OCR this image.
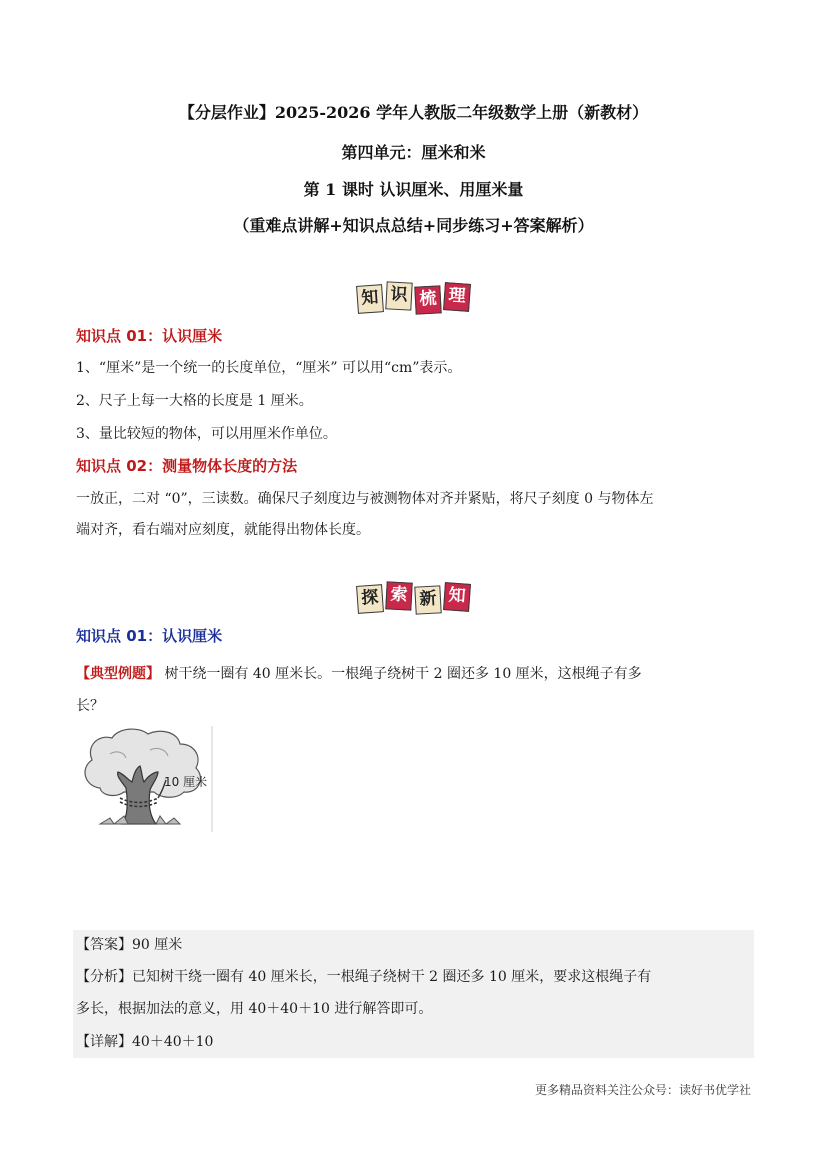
【分层作业】2025-2026 学年人教版二年级数学上册（新教材）
第四单元：厘米和米
第 1 课时 认识厘米、用厘米量
（重难点讲解+知识点总结+同步练习+答案解析）
知 识 梳 理
知识点 01：认识厘米
1、“厘米”是一个统一的长度单位，“厘米” 可以用“cm”表示。
2、尺子上每一大格的长度是 1 厘米。
3、量比较短的物体，可以用厘米作单位。
知识点 02：测量物体长度的方法
一放正，二对 “0”，三读数。确保尺子刻度边与被测物体对齐并紧贴，将尺子刻度 0 与物体左
端对齐，看右端对应刻度，就能得出物体长度。
探 索 新 知
知识点 01：认识厘米
【典型例题】 树干绕一圈有 40 厘米长。一根绳子绕树干 2 圈还多 10 厘米，这根绳子有多
长？
10 厘米
【答案】90 厘米
【分析】已知树干绕一圈有 40 厘米长，一根绳子绕树干 2 圈还多 10 厘米，要求这根绳子有
多长，根据加法的意义，用 40＋40＋10 进行解答即可。
【详解】40＋40＋10
更多精品资料关注公众号：读好书优学社
